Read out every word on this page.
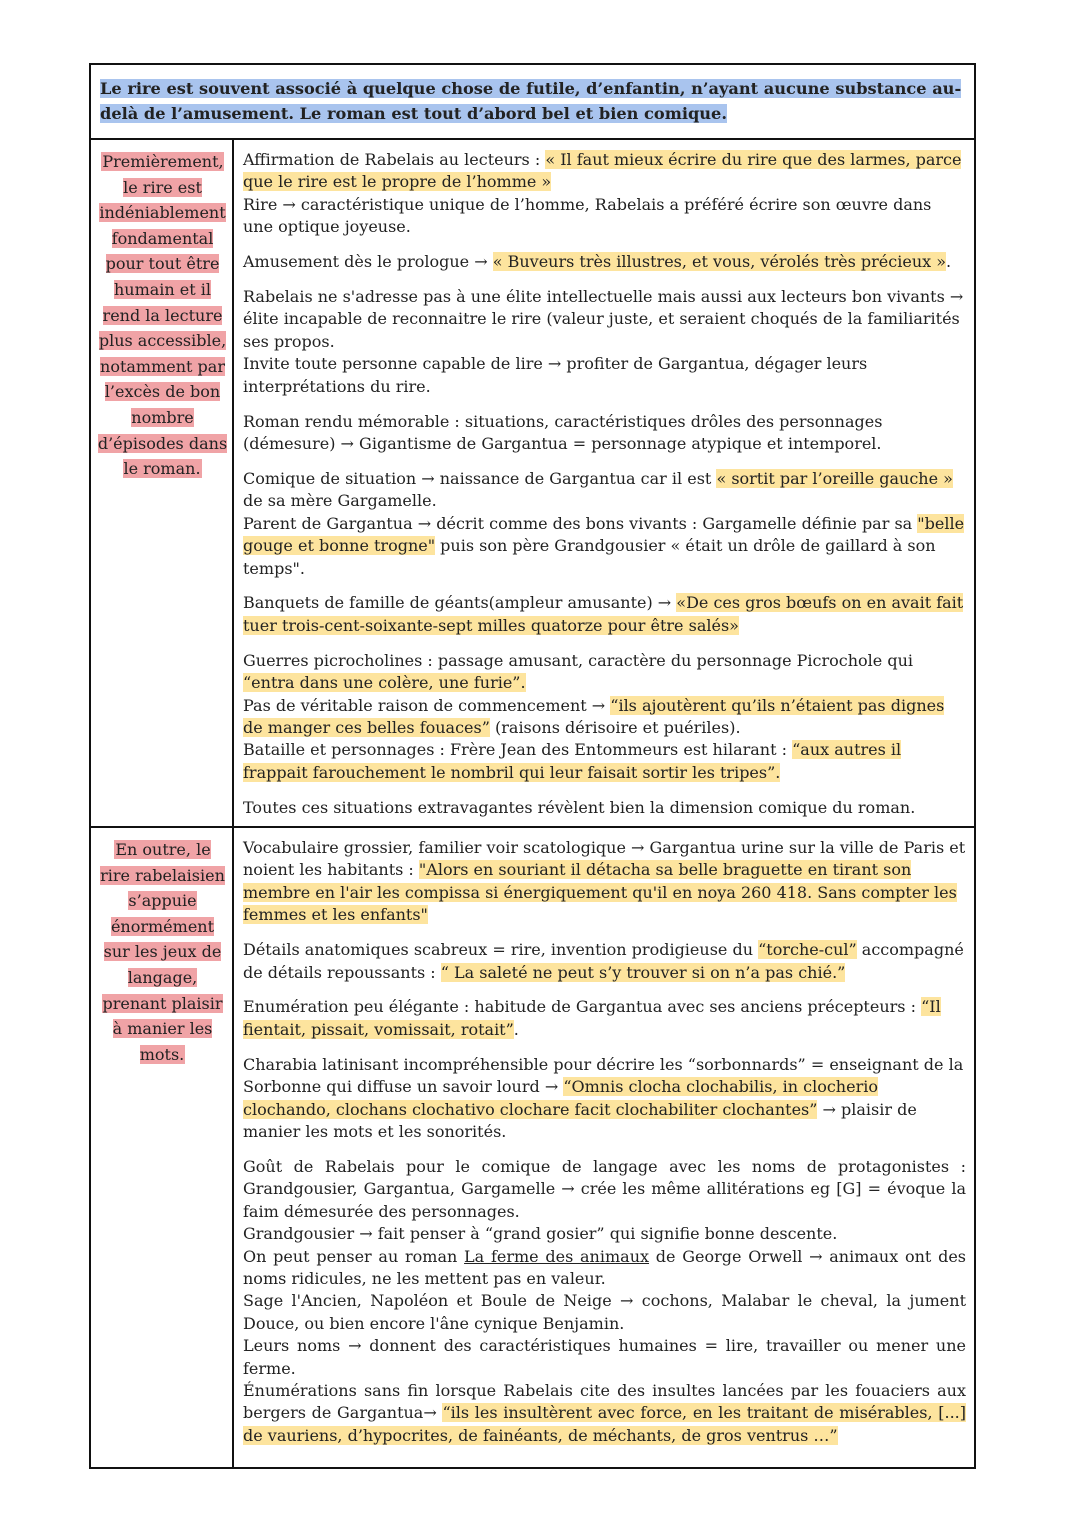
Le rire est souvent associé à quelque chose de futile, d’enfantin, n’ayant aucune substance au- delà de l’amusement. Le roman est tout d’abord bel et bien comique.
Premièrement, le rire est indéniablement fondamental pour tout être humain et il rend la lecture plus accessible, notamment par l’excès de bon nombre d’épisodes dans le roman.
Affirmation de Rabelais au lecteurs : « Il faut mieux écrire du rire que des larmes, parce que le rire est le propre de l’homme »
Rire → caractéristique unique de l’homme, Rabelais a préféré écrire son œuvre dans une optique joyeuse.
Amusement dès le prologue → « Buveurs très illustres, et vous, vérolés très précieux ».
Rabelais ne s'adresse pas à une élite intellectuelle mais aussi aux lecteurs bon vivants → élite incapable de reconnaitre le rire (valeur juste, et seraient choqués de la familiarités ses propos.
Invite toute personne capable de lire → profiter de Gargantua, dégager leurs interprétations du rire.
Roman rendu mémorable : situations, caractéristiques drôles des personnages (démesure) → Gigantisme de Gargantua = personnage atypique et intemporel.
Comique de situation → naissance de Gargantua car il est « sortit par l’oreille gauche » de sa mère Gargamelle.
Parent de Gargantua → décrit comme des bons vivants : Gargamelle définie par sa "belle gouge et bonne trogne" puis son père Grandgousier « était un drôle de gaillard à son temps".
Banquets de famille de géants(ampleur amusante) → «De ces gros bœufs on en avait fait tuer trois-cent-soixante-sept milles quatorze pour être salés»
Guerres picrocholines : passage amusant, caractère du personnage Picrochole qui “entra dans une colère, une furie”.
Pas de véritable raison de commencement → “ils ajoutèrent qu’ils n’étaient pas dignes de manger ces belles fouaces” (raisons dérisoire et puériles).
Bataille et personnages : Frère Jean des Entommeurs est hilarant : “aux autres il frappait farouchement le nombril qui leur faisait sortir les tripes”.
Toutes ces situations extravagantes révèlent bien la dimension comique du roman.
En outre, le rire rabelaisien s’appuie énormément sur les jeux de langage, prenant plaisir à manier les mots.
Vocabulaire grossier, familier voir scatologique → Gargantua urine sur la ville de Paris et noient les habitants : "Alors en souriant il détacha sa belle braguette en tirant son membre en l'air les compissa si énergiquement qu'il en noya 260 418. Sans compter les femmes et les enfants"
Détails anatomiques scabreux = rire, invention prodigieuse du “torche-cul” accompagné de détails repoussants : “ La saleté ne peut s’y trouver si on n’a pas chié.”
Enumération peu élégante : habitude de Gargantua avec ses anciens précepteurs : “Il fientait, pissait, vomissait, rotait”.
Charabia latinisant incompréhensible pour décrire les “sorbonnards” = enseignant de la Sorbonne qui diffuse un savoir lourd → “Omnis clocha clochabilis, in clocherio clochando, clochans clochativo clochare facit clochabiliter clochantes” → plaisir de manier les mots et les sonorités.
Goût de Rabelais pour le comique de langage avec les noms de protagonistes : Grandgousier, Gargantua, Gargamelle → crée les même allitérations eg [G] = évoque la faim démesurée des personnages.
Grandgousier → fait penser à “grand gosier” qui signifie bonne descente.
On peut penser au roman La ferme des animaux de George Orwell → animaux ont des noms ridicules, ne les mettent pas en valeur.
Sage l'Ancien, Napoléon et Boule de Neige → cochons, Malabar le cheval, la jument Douce, ou bien encore l'âne cynique Benjamin.
Leurs noms → donnent des caractéristiques humaines = lire, travailler ou mener une ferme.
Énumérations sans fin lorsque Rabelais cite des insultes lancées par les fouaciers aux bergers de Gargantua→ “ils les insultèrent avec force, en les traitant de misérables, [...] de vauriens, d’hypocrites, de fainéants, de méchants, de gros ventrus …”
